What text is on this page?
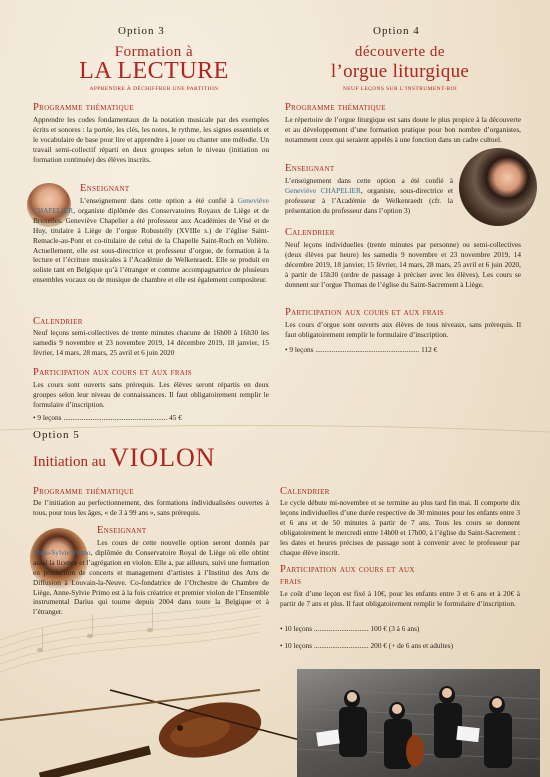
Option 3
Formation à
LA LECTURE
APPRENDRE À DÉCHIFFRER UNE PARTITION
Programme thématique
Apprendre les codes fondamentaux de la notation musicale par des exemples écrits et sonores : la portée, les clés, les notes, le rythme, les signes essentiels et le vocabulaire de base pour lire et apprendre à jouer ou chanter une mélodie. Un travail semi-collectif réparti en deux groupes selon le niveau (initiation ou formation continuée) des élèves inscrits.
Enseignant
L’enseignement dans cette option a été confié à Geneviève CHAPELIER, organiste diplômée des Conservatoires Royaux de Liège et de Bruxelles. Geneviève Chapelier a été professeur aux Académies de Visé et de Huy, titulaire à Liège de l’orgue Robustelly (XVIIIe s.) de l’église Saint-Remacle-au-Pont et co-titulaire de celui de la Chapelle Saint-Roch en Volière. Actuellement, elle est sous-directrice et professeur d’orgue, de formation à la lecture et l’écriture musicales à l’Académie de Welkenraedt. Elle se produit en soliste tant en Belgique qu’à l’étranger et comme accompagnatrice de plusieurs ensembles vocaux ou de musique de chambre et elle est également compositeur.
Calendrier
Neuf leçons semi-collectives de trente minutes chacune de 16h00 à 16h30 les samedis 9 novembre et 23 novembre 2019, 14 décembre 2019, 18 janvier, 15 février, 14 mars, 28 mars, 25 avril et 6 juin 2020
Participation aux cours et aux frais
Les cours sont ouverts sans prérequis. Les élèves seront répartis en deux groupes selon leur niveau de connaissances. Il faut obligatoirement remplir le formulaire d’inscription.
• 9 leçons ......................................................... 45 €
Option 4
découverte de
l’orgue liturgique
NEUF LEÇONS SUR L’INSTRUMENT-ROI
Programme thématique
Le répertoire de l’orgue liturgique est sans doute le plus propice à la découverte et au développement d’une formation pratique pour bon nombre d’organistes, notamment ceux qui seraient appelés à une fonction dans un cadre cultuel.
Enseignant
L’enseignement dans cette option a été confié à Geneviève CHAPELIER, organiste, sous-directrice et professeur à l’Académie de Welkenraedt (cfr. la présentation du professeur dans l’option 3)
Calendrier
Neuf leçons individuelles (trente minutes par personne) ou semi-collectives (deux élèves par heure) les samedis 9 novembre et 23 novembre 2019, 14 décembre 2019, 18 janvier, 15 février, 14 mars, 28 mars, 25 avril et 6 juin 2020, à partir de 15h30 (ordre de passage à préciser avec les élèves). Les cours se donnent sur l’orgue Thomas de l’église du Saint-Sacrement à Liège.
Participation aux cours et aux frais
Les cours d’orgue sont ouverts aux élèves de tous niveaux, sans prérequis. Il faut obligatoirement remplir le formulaire d’inscription.
• 9 leçons ......................................................... 112 €
Option 5
Initiation au VIOLON
Programme thématique
De l’initiation au perfectionnement, des formations individualisées ouvertes à tous, pour tous les âges, « de 3 à 99 ans », sans prérequis.
Enseignant
Les cours de cette nouvelle option seront donnés par Anne-Sylvie Primo, diplômée du Conservatoire Royal de Liège où elle obtint aussi la licence et l’agrégation en violon. Elle a, par ailleurs, suivi une formation en production de concerts et management d’artistes à l’Institut des Arts de Diffusion à Louvain-la-Neuve. Co-fondatrice de l’Orchestre de Chambre de Liège, Anne-Sylvie Primo est à la fois créatrice et premier violon de l’Ensemble instrumental Darius qui tourne depuis 2004 dans toute la Belgique et à l’étranger.
Calendrier
Le cycle débute mi-novembre et se termine au plus tard fin mai. Il comporte dix leçons individuelles d’une durée respective de 30 minutes pour les enfants entre 3 et 6 ans et de 50 minutes à partir de 7 ans. Tous les cours se donnent obligatoirement le mercredi entre 14h00 et 17h00, à l’église du Saint-Sacrement : les dates et heures précises de passage sont à convenir avec le professeur par chaque élève inscrit.
Participation aux cours et aux frais
Le coût d’une leçon est fixé à 10€, pour les enfants entre 3 et 6 ans et à 20€ à partir de 7 ans et plus. Il faut obligatoirement remplir le formulaire d’inscription.
• 10 leçons .............................. 100 € (3 à 6 ans)
• 10 leçons .............................. 200 € (+ de 6 ans et adultes)
